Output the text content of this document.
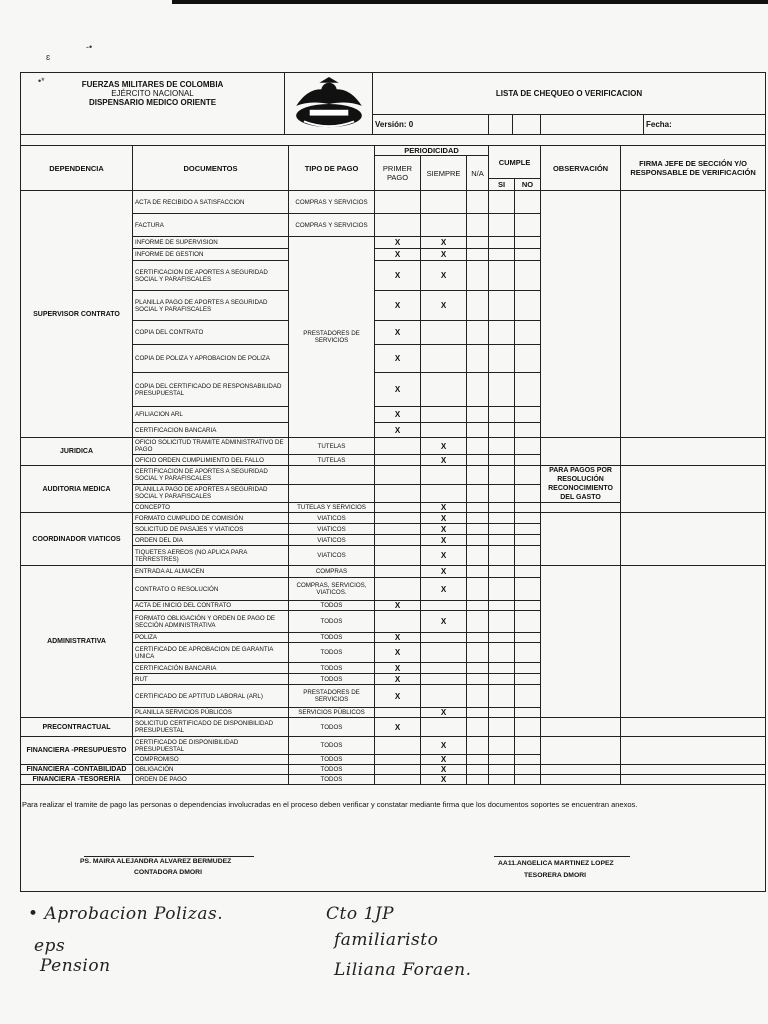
-•
ɛ
•*	FUERZAS MILITARES DE COLOMBIA
EJÉRCITO NACIONAL
DISPENSARIO MEDICO ORIENTE		LISTA DE CHEQUEO O VERIFICACION				
		Versión: 0				Fecha:
DEPENDENCIA	DOCUMENTOS	TIPO DE PAGO	PERIODICIDAD			CUMPLE		OBSERVACIÓN	FIRMA JEFE DE SECCIÓN Y/O RESPONSABLE DE VERIFICACIÓN
			PRIMER PAGO	SIEMPRE	N/A				
						SI	NO		
SUPERVISOR CONTRATO	ACTA DE RECIBIDO A SATISFACCION	COMPRAS Y SERVICIOS							
	FACTURA	COMPRAS Y SERVICIOS							
	INFORME DE SUPERVISION	PRESTADORES DE SERVICIOS	X	X					
	INFORME DE GESTION		X	X					
	CERTIFICACION DE APORTES A SEGURIDAD SOCIAL Y PARAFISCALES		X	X					
	PLANILLA PAGO DE APORTES A SEGURIDAD SOCIAL Y PARAFISCALES		X	X					
	COPIA DEL CONTRATO		X						
	COPIA DE POLIZA Y APROBACION DE POLIZA		X						
	COPIA DEL CERTIFICADO DE RESPONSABILIDAD PRESUPUESTAL		X						
	AFILIACION ARL		X						
	CERTIFICACION BANCARIA		X						
JURIDICA	OFICIO SOLICITUD TRAMITE ADMINISTRATIVO DE PAGO	TUTELAS		X					
	OFICIO ORDEN CUMPLIMIENTO DEL FALLO	TUTELAS		X					
AUDITORIA MEDICA	CERTIFICACION DE APORTES A SEGURIDAD SOCIAL Y PARAFISCALES							PARA PAGOS POR RESOLUCIÓN RECONOCIMIENTO DEL GASTO	
	PLANILLA PAGO DE APORTES A SEGURIDAD SOCIAL Y PARAFISCALES								
	CONCEPTO	TUTELAS Y SERVICIOS		X					
COORDINADOR VIATICOS	FORMATO CUMPLIDO DE COMISIÓN	VIATICOS		X					
	SOLICITUD DE PASAJES Y VIATICOS	VIATICOS		X					
	ORDEN DEL DIA	VIATICOS		X					
	TIQUETES AEREOS (NO APLICA PARA TERRESTRES)	VIATICOS		X					
ADMINISTRATIVA	ENTRADA AL ALMACEN	COMPRAS		X					
	CONTRATO O RESOLUCIÓN	COMPRAS, SERVICIOS, VIATICOS.		X					
	ACTA DE INICIO DEL CONTRATO	TODOS	X						
	FORMATO OBLIGACIÓN Y ORDEN DE PAGO DE SECCIÓN ADMINISTRATIVA	TODOS		X					
	POLIZA	TODOS	X						
	CERTIFICADO DE APROBACION DE GARANTIA UNICA	TODOS	X						
	CERTIFICACIÓN BANCARIA	TODOS	X						
	RUT	TODOS	X						
	CERTIFICADO DE APTITUD LABORAL (ARL)	PRESTADORES DE SERVICIOS	X						
	PLANILLA SERVICIOS PÚBLICOS	SERVICIOS PÚBLICOS		X					
PRECONTRACTUAL	SOLICITUD CERTIFICADO DE DISPONIBILIDAD PRESUPUESTAL	TODOS	X						
FINANCIERA -PRESUPUESTO	CERTIFICADO DE DISPONIBILIDAD PRESUPUESTAL	TODOS		X					
	COMPROMISO	TODOS		X					
FINANCIERA -CONTABILIDAD	OBLIGACIÓN	TODOS		X					
FINANCIERA -TESORERÍA	ORDEN DE PAGO	TODOS		X					
Para realizar el tramite de pago las personas o dependencias involucradas en el proceso deben verificar y constatar mediante firma que los documentos soportes se encuentran anexos.
PS. MAIRA ALEJANDRA ALVAREZ BERMUDEZ
CONTADORA DMORI
AA11.ANGELICA MARTINEZ LOPEZ
TESORERA DMORI
• Aprobacion Polizas.
eps
Pension
Cto 1JP
familiaristo
Liliana Foraen.
